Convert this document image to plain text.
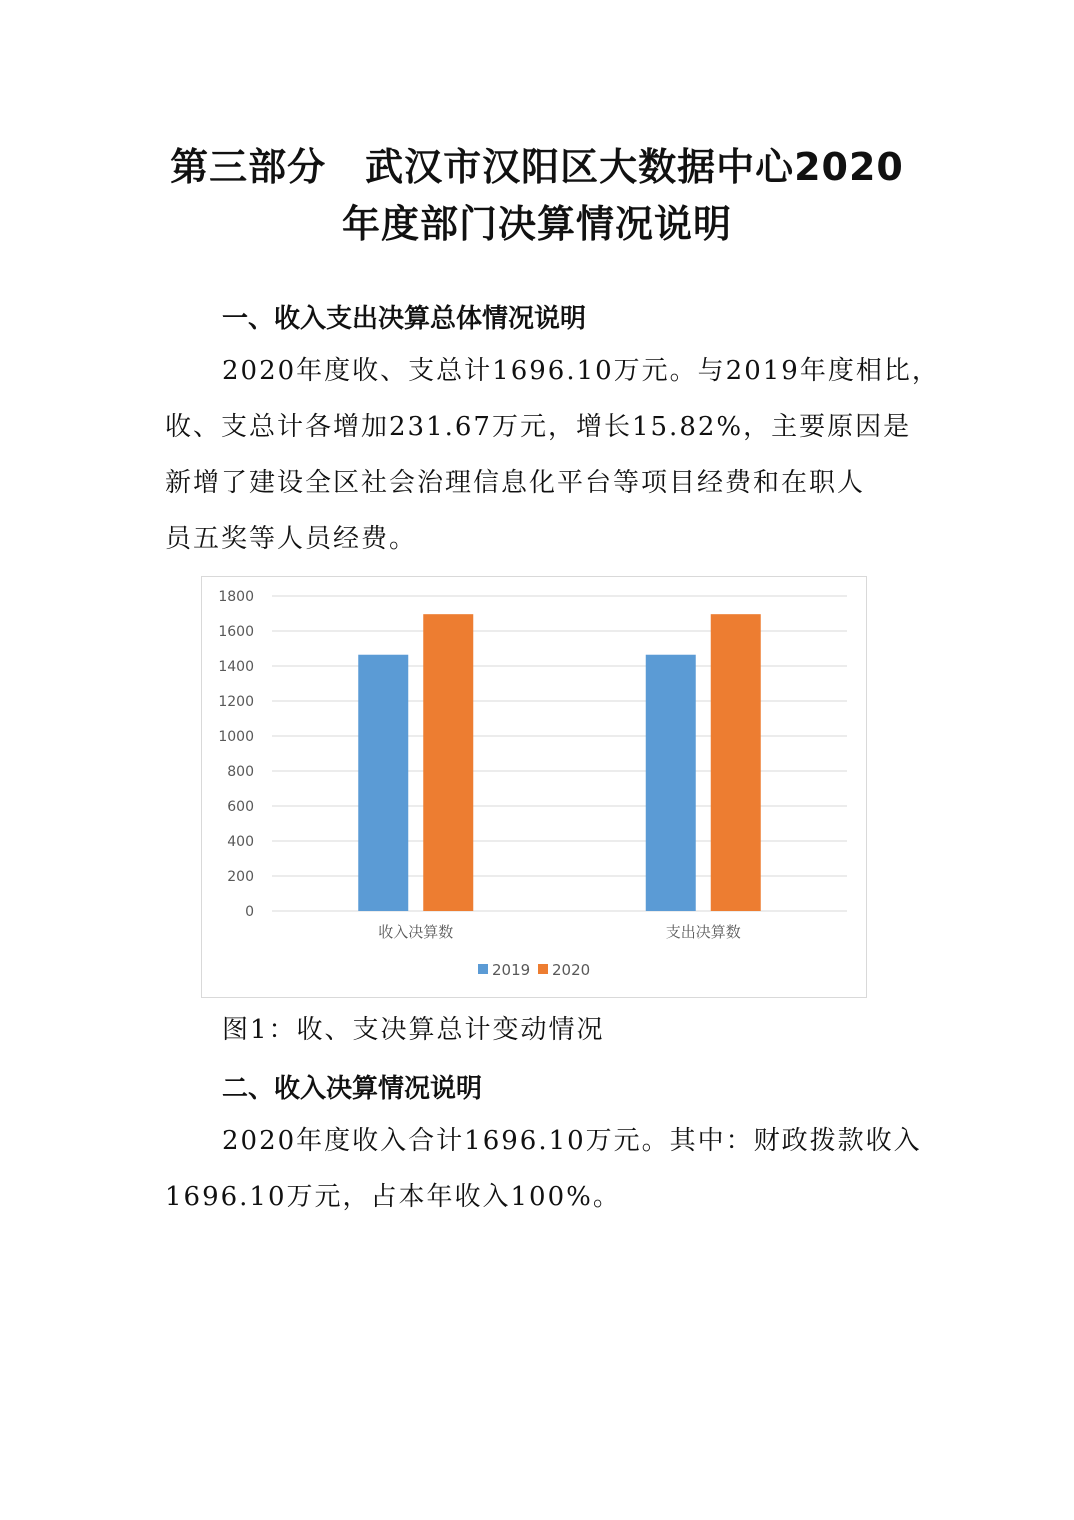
第三部分　武汉市汉阳区大数据中心2020
年度部门决算情况说明
一、收入支出决算总体情况说明
2020年度收、支总计1696.10万元。与2019年度相比，
收、支总计各增加231.67万元，增长15.82%，主要原因是
新增了建设全区社会治理信息化平台等项目经费和在职人
员五奖等人员经费。
0
200
400
600
800
1000
1200
1400
1600
1800
收入决算数	支出决算数
2019 2020
图1：收、支决算总计变动情况
二、收入决算情况说明
2020年度收入合计1696.10万元。其中：财政拨款收入
1696.10万元，占本年收入100%。
